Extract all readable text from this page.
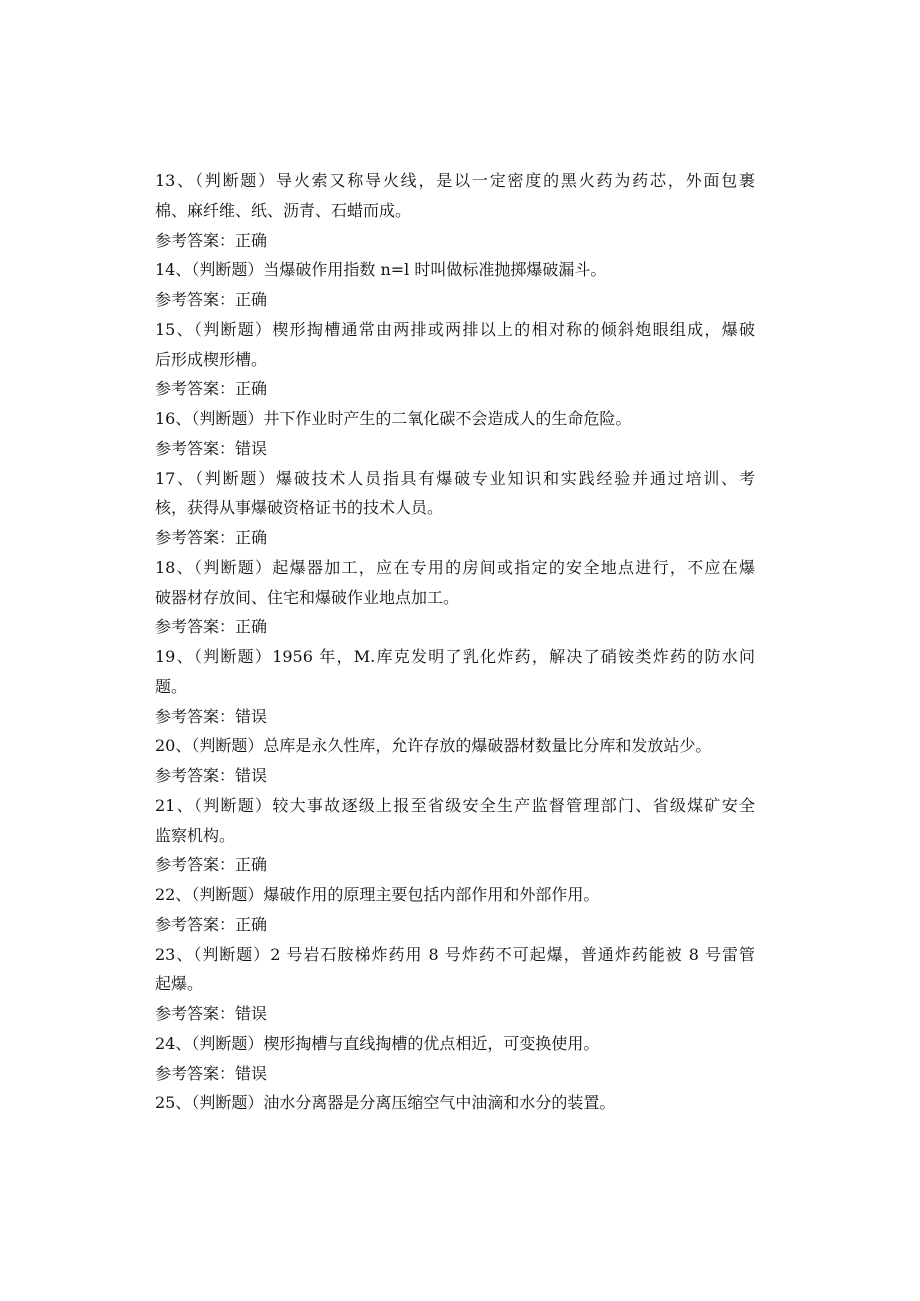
13、（判断题）导火索又称导火线，是以一定密度的黑火药为药芯，外面包裹
棉、麻纤维、纸、沥青、石蜡而成。
参考答案：正确
14、（判断题）当爆破作用指数 n=l 时叫做标准抛掷爆破漏斗。
参考答案：正确
15、（判断题）楔形掏槽通常由两排或两排以上的相对称的倾斜炮眼组成，爆破
后形成楔形槽。
参考答案：正确
16、（判断题）井下作业时产生的二氧化碳不会造成人的生命危险。
参考答案：错误
17、（判断题）爆破技术人员指具有爆破专业知识和实践经验并通过培训、考
核，获得从事爆破资格证书的技术人员。
参考答案：正确
18、（判断题）起爆器加工，应在专用的房间或指定的安全地点进行，不应在爆
破器材存放间、住宅和爆破作业地点加工。
参考答案：正确
19、（判断题）1956 年，M.库克发明了乳化炸药，解决了硝铵类炸药的防水问
题。
参考答案：错误
20、（判断题）总库是永久性库，允许存放的爆破器材数量比分库和发放站少。
参考答案：错误
21、（判断题）较大事故逐级上报至省级安全生产监督管理部门、省级煤矿安全
监察机构。
参考答案：正确
22、（判断题）爆破作用的原理主要包括内部作用和外部作用。
参考答案：正确
23、（判断题）2 号岩石胺梯炸药用 8 号炸药不可起爆，普通炸药能被 8 号雷管
起爆。
参考答案：错误
24、（判断题）楔形掏槽与直线掏槽的优点相近，可变换使用。
参考答案：错误
25、（判断题）油水分离器是分离压缩空气中油滴和水分的装置。
